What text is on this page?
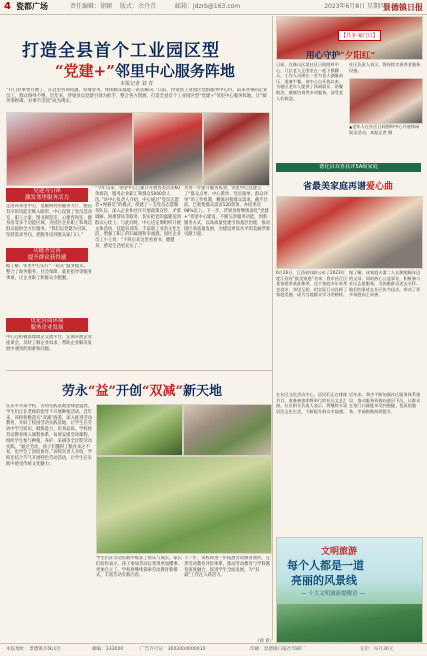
4 瓷都广场	责任编辑：徐颖 版式：余丹青	邮箱：jdzrb@163.com	2023年6月8日 星期四
景德镇日报
打造全县首个工业园区型
“党建+”邻里中心服务阵地
本报记者 刘 青
“开门办事更方便了，在这里咨询问题、办理业务、休闲娱乐都能一站式解决。”日前，浮梁县工业园区党群服务中心内，前来办事的企业员工、群众络绎不绝。近年来，浮梁县以党建引领为抓手，整合各方资源，打造全县首个工业园区型“党建+”邻里中心服务阵地，让“服务零距离、办事不出园”成为现实。
党建为引领
激发邻里服务活力
走进该邻里中心，宽敞明亮的服务大厅、整洁有序的功能室映入眼帘。中心设置了党员活动室、职工之家、图书阅览室、心理咨询室、健身房等多个功能区域，为园区企业职工和周边群众提供全方位服务。“我们以党建为引领，坚持需求导向，把服务送到群众家门口。”
功能齐完善
提升群众获得感
据了解，邻里中心实行“一站式”服务模式，整合了政务服务、社会保障、就业指导等服务事项，让企业职工和群众少跑腿。
优化营商环境
服务企业发展
中心还积极搭建政企交流平台，定期开展企业座谈会，及时了解企业诉求，帮助企业解决发展中遇到的困难和问题。
“今年以来，邻里中心已累计开展各类活动60余场次，服务企业职工和群众5000余人次。”该中心负责人介绍，中心通过“党员志愿者+网格员”的模式，组建了一支党员志愿服务队伍，深入企业和社区开展政策宣传、矛盾调解、困难帮扶等服务，切实把党的温暖送到群众心坎上。与此同时，中心还定期组织开展文体活动、技能培训等，丰富职工业余文化生活，增强了职工的归属感和幸福感。园区企业员工小王说：“下班后来这里看看书、健健身，感觉生活更充实了。”
为进一步提升服务质效，邻里中心还建立了“群众点单、中心派单、党员接单、群众评单”的工作机制，精准对接群众需求。截至目前，已收集群众需求120余条，办结率达98%以上。下一步，浮梁县将继续深化“党建+”邻里中心建设，不断完善服务功能，创新服务方式，以高质量党建引领基层治理，推动园区高质量发展，为建设更高水平的美丽浮梁贡献力量。
【共享·家门口】
用心守护“夕阳红”
日前，在珠山区某社区日间照料中心，几位老人正围坐在一起下棋聊天，工作人员则在一旁为老人测量血压、准备午餐。该中心自开放以来，为辖区老年人提供了休闲娱乐、助餐助浴、健康咨询等多项服务，深受老人们欢迎。
社区负责人表示，将持续完善养老服务设施。
▲老年人在社区日间照料中心开展休闲娱乐活动。本报记者 摄
德化县双喜获评5A级家庭
省最美家庭再谱爱心曲
6月26日，江西省妇联公布了2023年度江西省“最美家庭”名单，我市昌江区某家庭荣获此殊荣。这个家庭多年来孝老爱亲、邻里互助，用实际行动诠释了家庭美德，成为当地群众学习的榜样。
据了解，该家庭夫妻二人长期照顾年迈的父母，同时热心公益事业，积极参与社区志愿服务，为困难群众送去关怀。他们的事迹在社区传为佳话，带动了更多家庭向上向善。
劳永“益”开创“双减”新天地
在乐平市某学校，劳动实践基地里绿意盎然，学生们正在老师的指导下开展种植活动。近年来，该校积极落实“双减”政策，深入推进劳动教育，开辟了校园劳动实践基地，让学生在劳动中学习知识、锻炼能力、培养品质。学校将劳动教育纳入课程体系，每周安排劳动课程，组织学生参与种植、养护、采摘等全过程劳动实践。“通过劳动，孩子们懂得了粮食来之不易，也学会了团结协作。”该校负责人介绍，学校还结合节气开展特色劳动活动，让学生在实践中感受传统文化魅力。
学生们在劳动实践中收获了快乐与成长。家长们纷纷表示，孩子参加劳动后变得更加懂事、更加自立了。学校将继续探索劳动教育新模式，丰富劳动实践内容。
下一步，该校将进一步拓展劳动教育场所，完善劳动教育评价体系，推动劳动教育与学科教育深度融合，促进学生全面发展，为“双减”工作注入新活力。
（刘 青）
在社区文化活动中心，居民们正在排练节目，准备参加即将举行的社区文艺汇演。社区相关负责人表示，将继续丰富居民文化生活，不断提升群众幸福感。
近年来，我市不断加强社区服务体系建设，推动服务资源向基层下沉，让群众在家门口就能享受到便捷、优质的服务，幸福指数持续提升。
文明旅游
每个人都是一道
亮丽的风景线
— 十大文明旅游提醒语 —
本报地址：景德镇市珠山区	邮编：333000	广告许可证：3602004000010	印刷：景德镇日报社印刷厂	定价：每月36元
